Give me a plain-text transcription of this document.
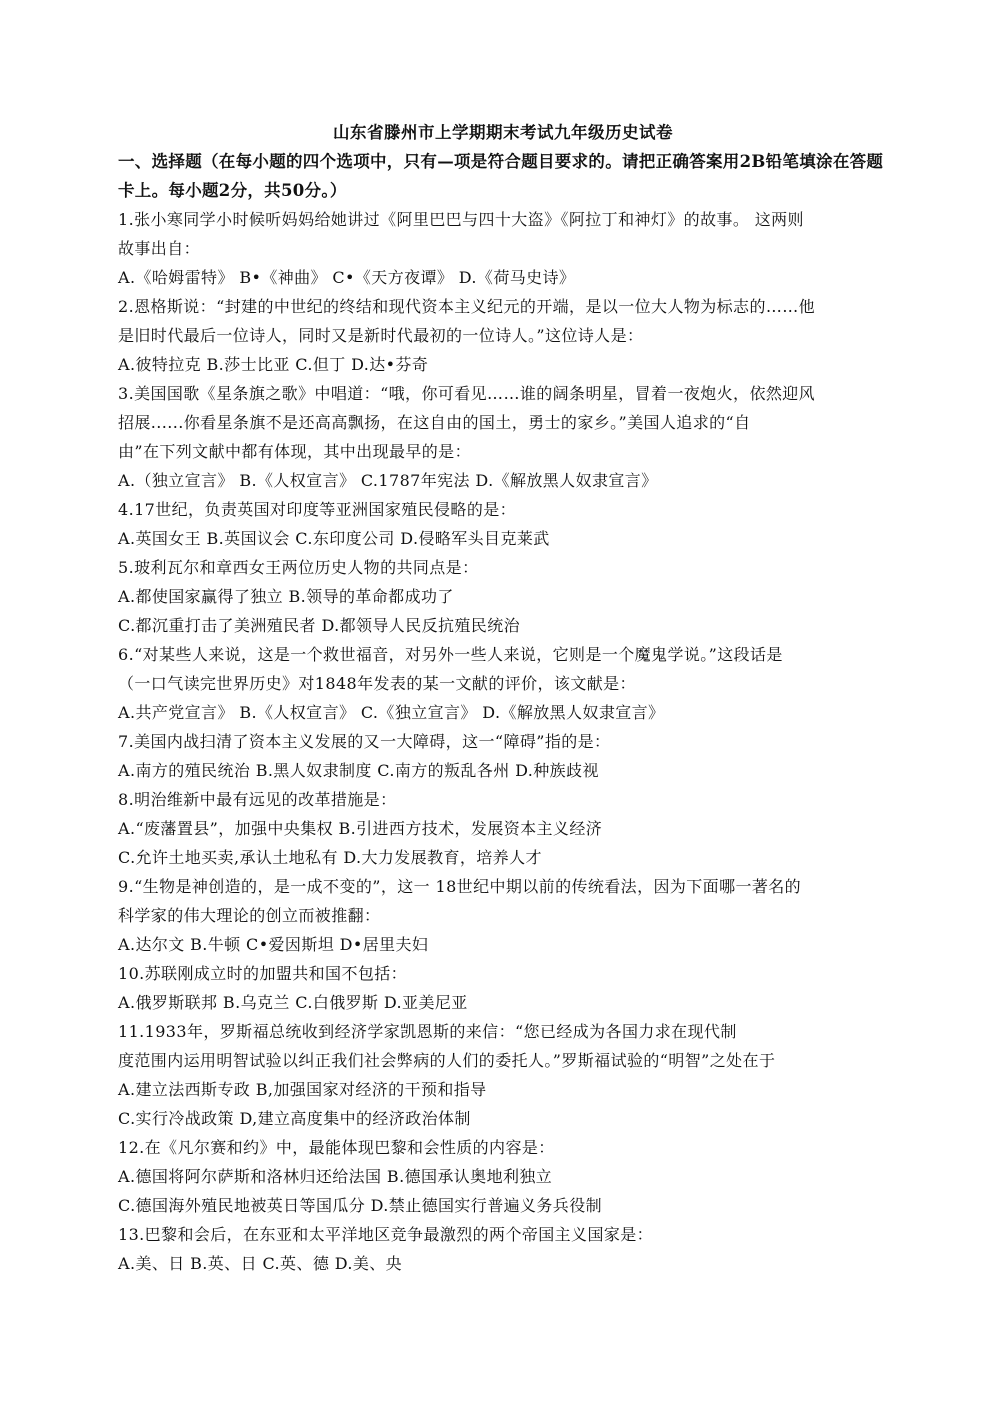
山东省滕州市上学期期末考试九年级历史试卷
一、选择题（在每小题的四个选项中，只有—项是符合题目要求的。请把正确答案用2B铅笔填涂在答题卡上。每小题2分，共50分。）
1.张小寒同学小时候听妈妈给她讲过《阿里巴巴与四十大盗》《阿拉丁和神灯》的故事。 这两则
故事出自：
A.《哈姆雷特》 B•《神曲》 C•《天方夜谭》 D.《荷马史诗》
2.恩格斯说：“封建的中世纪的终结和现代资本主义纪元的开端，是以一位大人物为标志的……他
是旧时代最后一位诗人，同时又是新时代最初的一位诗人。”这位诗人是：
A.彼特拉克 B.莎士比亚 C.但丁 D.达•芬奇
3.美国国歌《星条旗之歌》中唱道：“哦，你可看见……谁的阔条明星，冒着一夜炮火，依然迎风
招展......你看星条旗不是还高高飘扬，在这自由的国土，勇士的家乡。”美国人追求的“自
由”在下列文献中都有体现，其中出现最早的是：
A.（独立宣言》 B.《人权宣言》 C.1787年宪法 D.《解放黑人奴隶宣言》
4.17世纪，负责英国对印度等亚洲国家殖民侵略的是：
A.英国女王 B.英国议会 C.东印度公司 D.侵略军头目克莱武
5.玻利瓦尔和章西女王两位历史人物的共同点是：
A.都使国家赢得了独立 B.领导的革命都成功了
C.都沉重打击了美洲殖民者 D.都领导人民反抗殖民统治
6.“对某些人来说，这是一个救世福音，对另外一些人来说，它则是一个魔鬼学说。”这段话是
（一口气读完世界历史》对1848年发表的某一文献的评价，该文献是：
A.共产党宣言》 B.《人权宣言》 C.《独立宣言》 D.《解放黑人奴隶宣言》
7.美国内战扫清了资本主义发展的又一大障碍，这一“障碍”指的是：
A.南方的殖民统治 B.黑人奴隶制度 C.南方的叛乱各州 D.种族歧视
8.明治维新中最有远见的改革措施是：
A.“废藩置县”，加强中央集权 B.引进西方技术，发展资本主义经济
C.允许土地买卖,承认土地私有 D.大力发展教育，培养人才
9.“生物是神创造的，是一成不变的”，这一 18世纪中期以前的传统看法，因为下面哪一著名的
科学家的伟大理论的创立而被推翻：
A.达尔文 B.牛顿 C•爱因斯坦 D•居里夫妇
10.苏联刚成立时的加盟共和国不包括：
A.俄罗斯联邦 B.乌克兰 C.白俄罗斯 D.亚美尼亚
11.1933年，罗斯福总统收到经济学家凯恩斯的来信：“您已经成为各国力求在现代制
度范围内运用明智试验以纠正我们社会弊病的人们的委托人。”罗斯福试验的“明智”之处在于
A.建立法西斯专政 B,加强国家对经济的干预和指导
C.实行冷战政策 D,建立高度集中的经济政治体制
12.在《凡尔赛和约》中，最能体现巴黎和会性质的内容是：
A.德国将阿尔萨斯和洛林归还给法国 B.德国承认奥地利独立
C.德国海外殖民地被英日等国瓜分 D.禁止德国实行普遍义务兵役制
13.巴黎和会后，在东亚和太平洋地区竞争最激烈的两个帝国主义国家是：
A.美、日 B.英、日 C.英、德 D.美、央
